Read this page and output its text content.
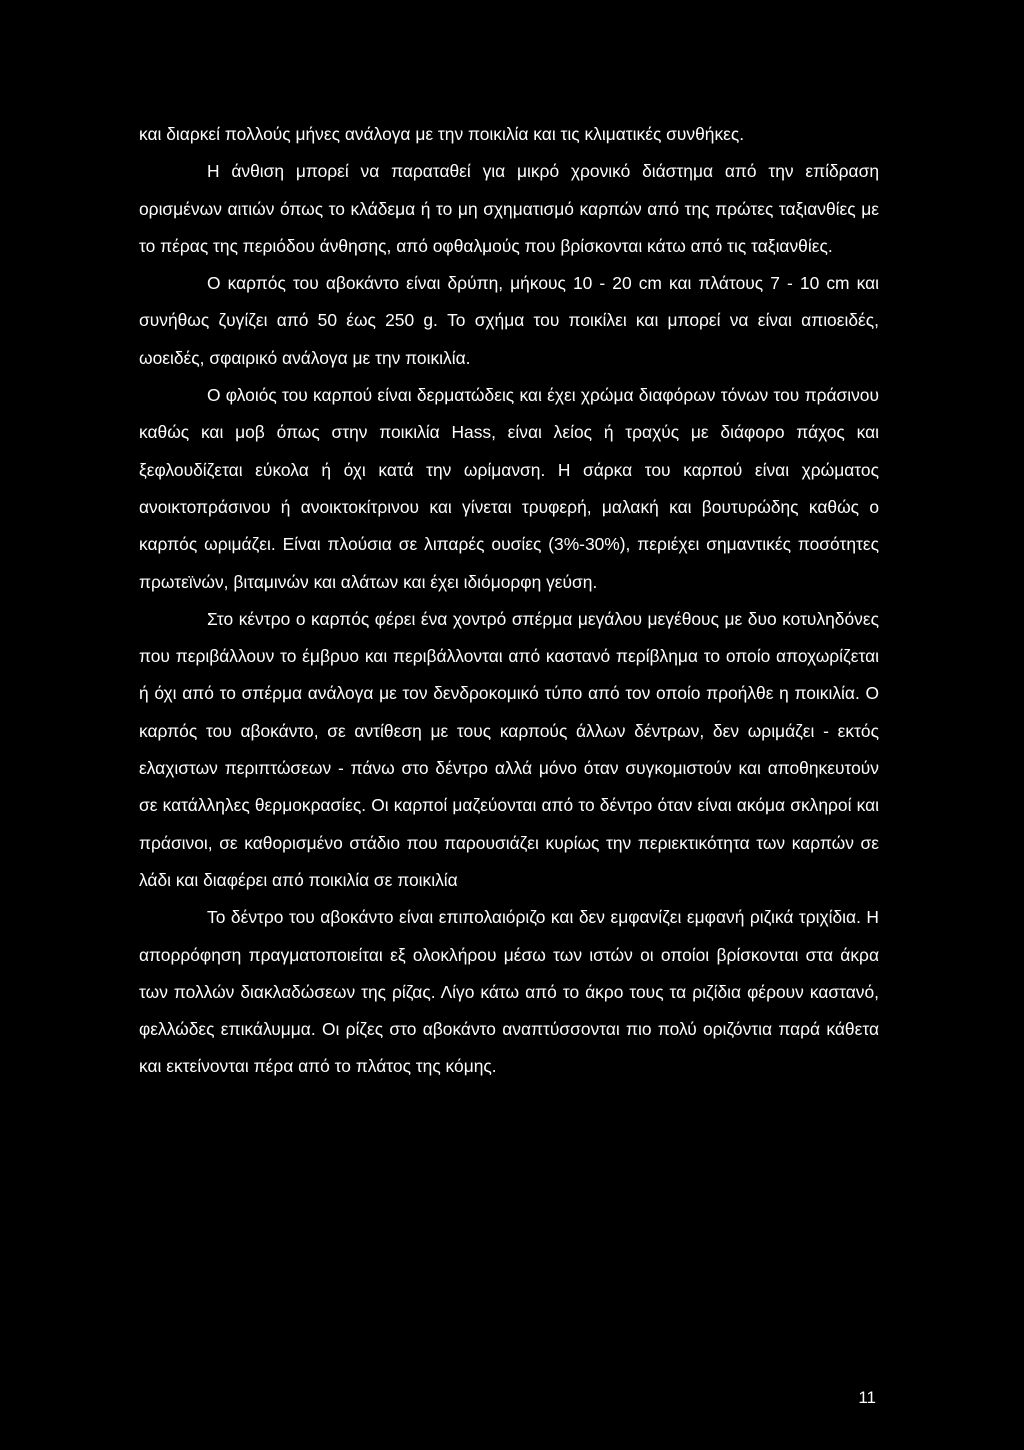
και διαρκεί πολλούς μήνες ανάλογα με την ποικιλία και τις κλιματικές συνθήκες.

Η άνθιση μπορεί να παραταθεί για μικρό χρονικό διάστημα από την επίδραση ορισμένων αιτιών όπως το κλάδεμα ή το μη σχηματισμό καρπών από της πρώτες ταξιανθίες με το πέρας της περιόδου άνθησης, από οφθαλμούς που βρίσκονται κάτω από τις ταξιανθίες.

Ο καρπός του αβοκάντο είναι δρύπη, μήκους 10 - 20 cm και πλάτους 7 - 10 cm και συνήθως ζυγίζει από 50 έως 250 g. Το σχήμα του ποικίλει και μπορεί να είναι απιοειδές, ωοειδές, σφαιρικό ανάλογα με την ποικιλία.

Ο φλοιός του καρπού είναι δερματώδεις και έχει χρώμα διαφόρων τόνων του πράσινου καθώς και μοβ όπως στην ποικιλία Hass, είναι λείος ή τραχύς με διάφορο πάχος και ξεφλουδίζεται εύκολα ή όχι κατά την ωρίμανση. Η σάρκα του καρπού είναι χρώματος ανοικτοπράσινου ή ανοικτοκίτρινου και γίνεται τρυφερή, μαλακή και βουτυρώδης καθώς ο καρπός ωριμάζει. Είναι πλούσια σε λιπαρές ουσίες (3%-30%), περιέχει σημαντικές ποσότητες πρωτεϊνών, βιταμινών και αλάτων και έχει ιδιόμορφη γεύση.

Στο κέντρο ο καρπός φέρει ένα χοντρό σπέρμα μεγάλου μεγέθους με δυο κοτυληδόνες που περιβάλλουν το έμβρυο και περιβάλλονται από καστανό περίβλημα το οποίο αποχωρίζεται ή όχι από το σπέρμα ανάλογα με τον δενδροκομικό τύπο από τον οποίο προήλθε η ποικιλία. Ο καρπός του αβοκάντο, σε αντίθεση με τους καρπούς άλλων δέντρων, δεν ωριμάζει - εκτός ελαχιστων περιπτώσεων - πάνω στο δέντρο αλλά μόνο όταν συγκομιστούν και αποθηκευτούν σε κατάλληλες θερμοκρασίες. Οι καρποί μαζεύονται από το δέντρο όταν είναι ακόμα σκληροί και πράσινοι, σε καθορισμένο στάδιο που παρουσιάζει κυρίως την περιεκτικότητα των καρπών σε λάδι και διαφέρει από ποικιλία σε ποικιλία

Το δέντρο του αβοκάντο είναι επιπολαιόριζο και δεν εμφανίζει εμφανή ριζικά τριχίδια. Η απορρόφηση πραγματοποιείται εξ ολοκλήρου μέσω των ιστών οι οποίοι βρίσκονται στα άκρα των πολλών διακλαδώσεων της ρίζας. Λίγο κάτω από το άκρο τους τα ριζίδια φέρουν καστανό, φελλώδες επικάλυμμα. Οι ρίζες στο αβοκάντο αναπτύσσονται πιο πολύ οριζόντια παρά κάθετα και εκτείνονται πέρα από το πλάτος της κόμης.

11
